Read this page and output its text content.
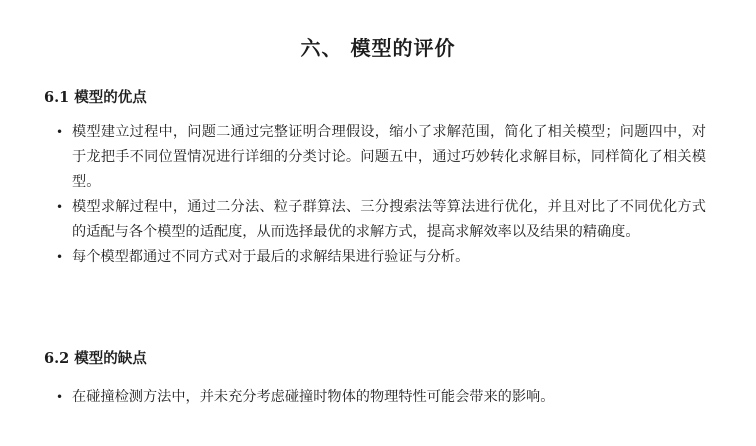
六、 模型的评价
6.1 模型的优点
• 模型建立过程中，问题二通过完整证明合理假设，缩小了求解范围，简化了相关模型；问题四中，对于龙把手不同位置情况进行详细的分类讨论。问题五中，通过巧妙转化求解目标，同样简化了相关模型。
• 模型求解过程中，通过二分法、粒子群算法、三分搜索法等算法进行优化，并且对比了不同优化方式的适配与各个模型的适配度，从而选择最优的求解方式，提高求解效率以及结果的精确度。
• 每个模型都通过不同方式对于最后的求解结果进行验证与分析。
6.2 模型的缺点
• 在碰撞检测方法中，并未充分考虑碰撞时物体的物理特性可能会带来的影响。
